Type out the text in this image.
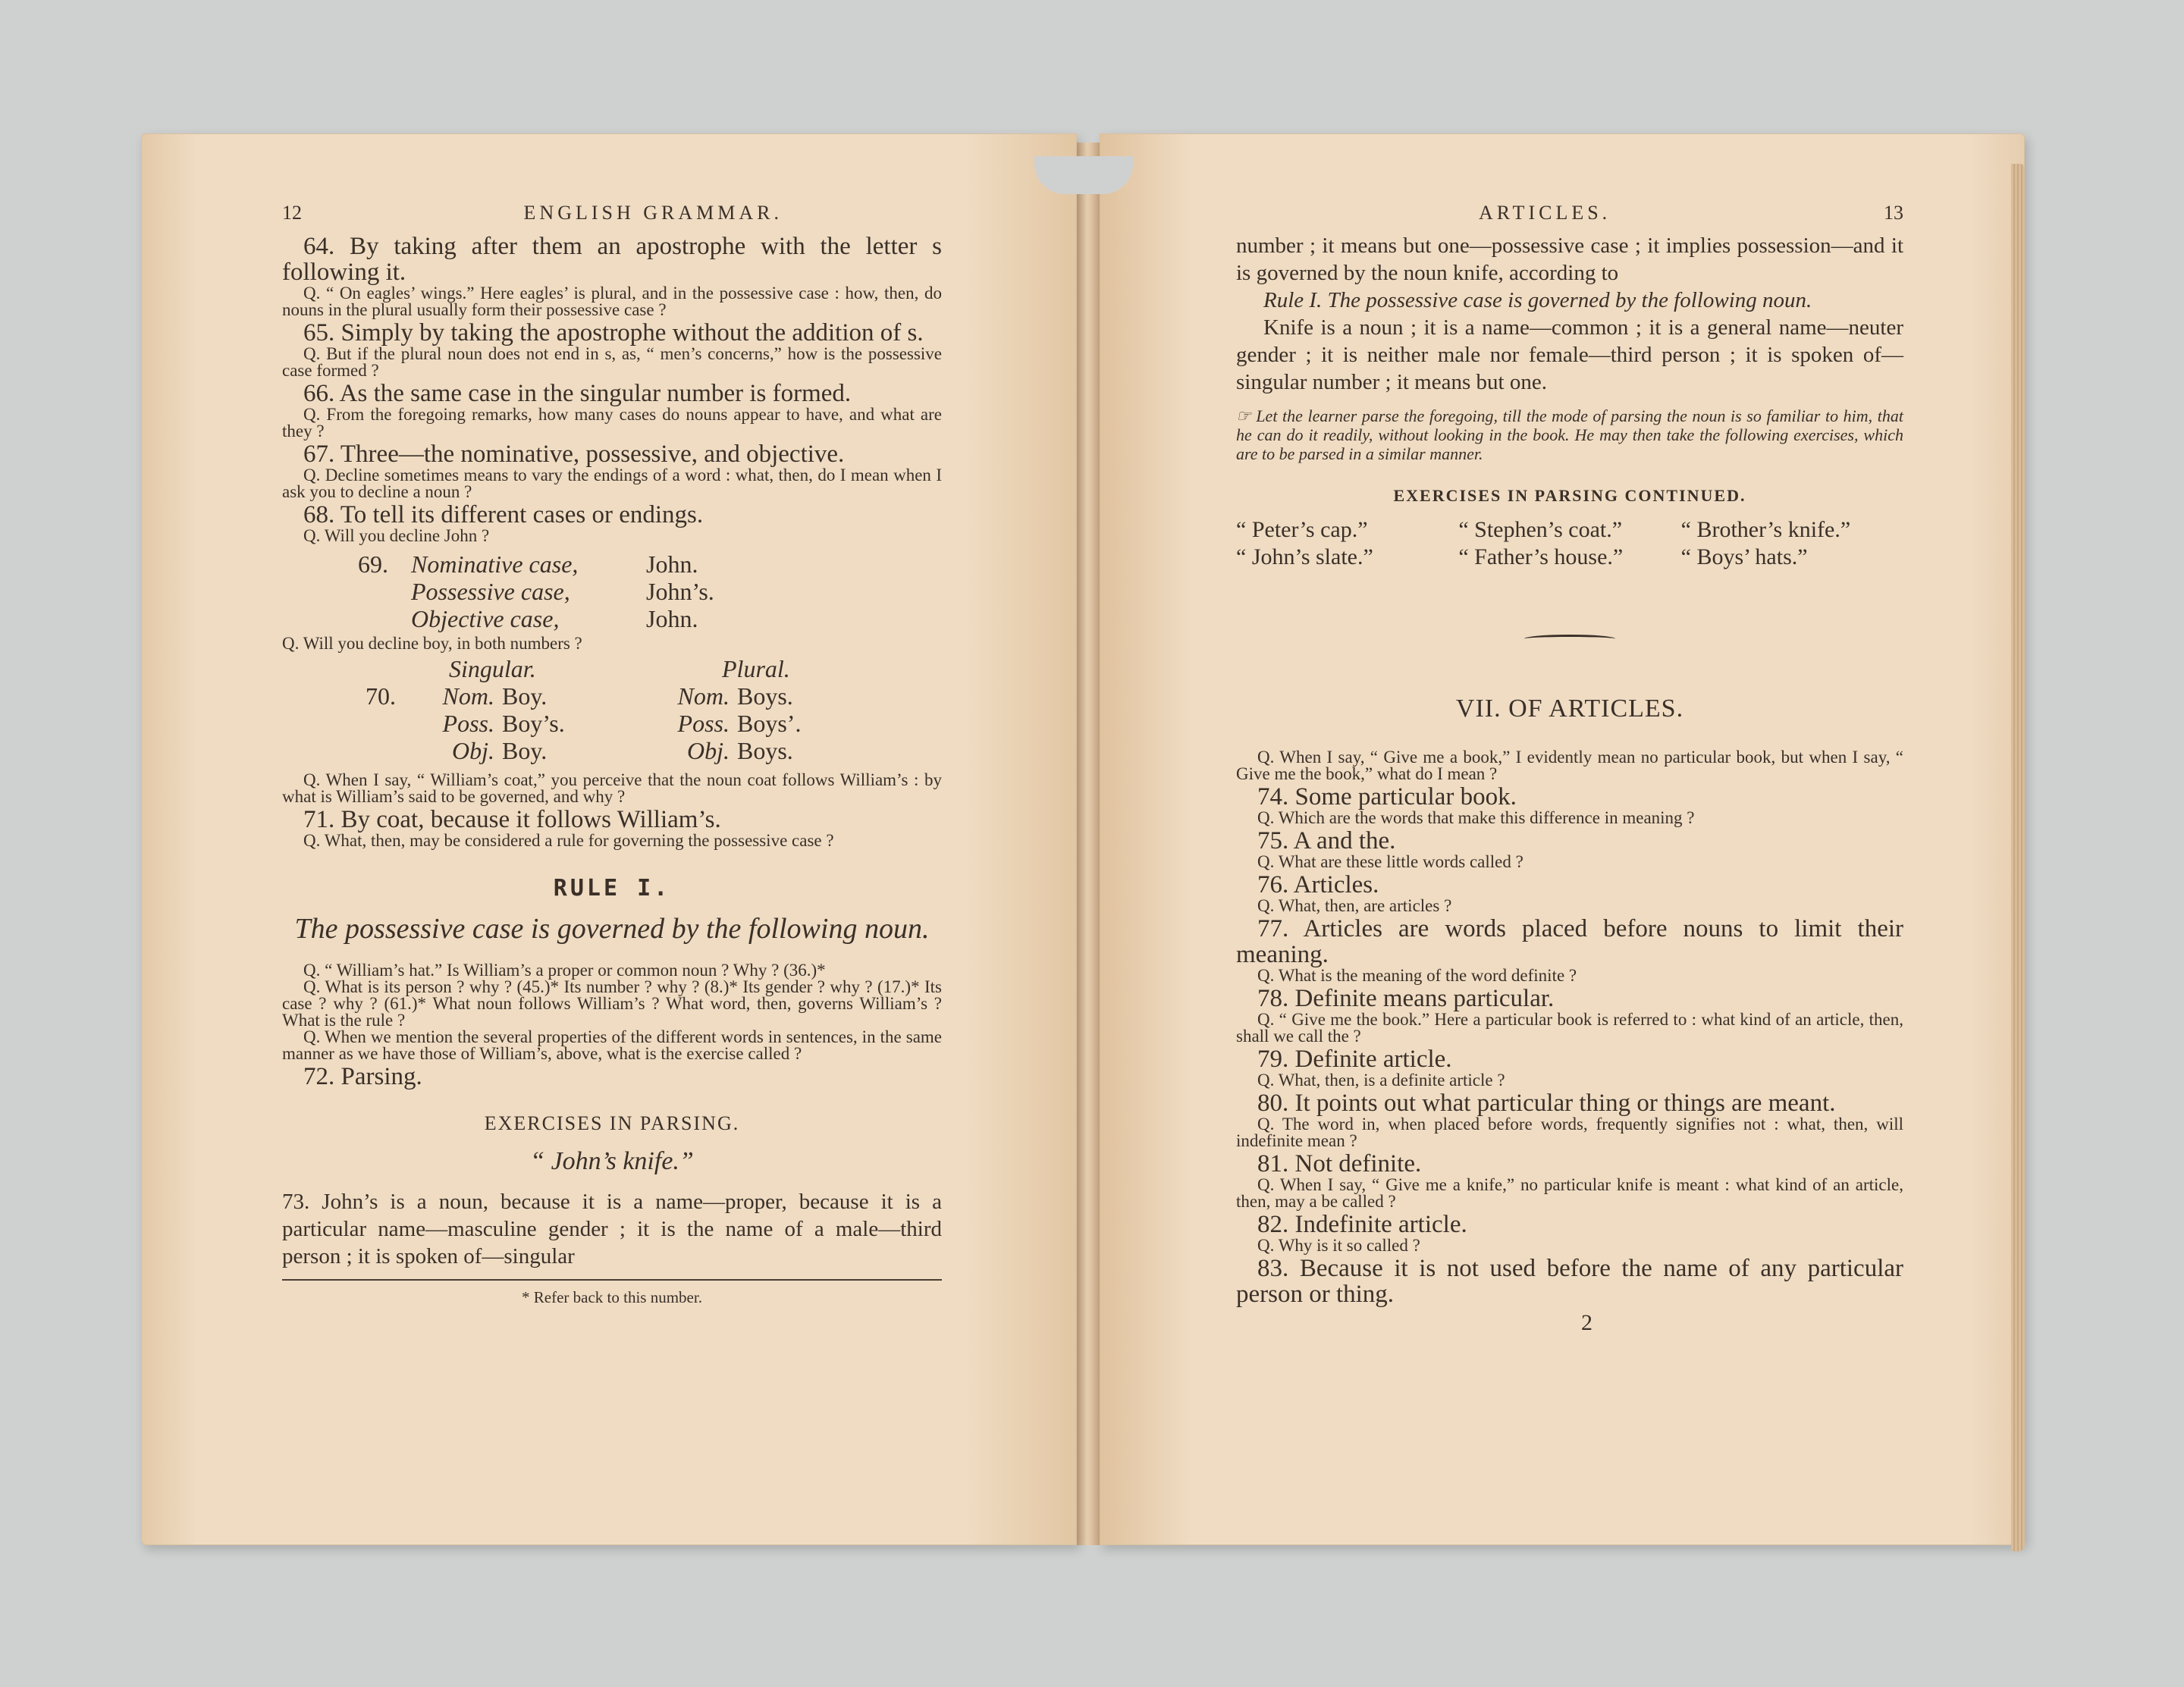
12	ENGLISH GRAMMAR.

64. By taking after them an apostrophe with the letter s following it.

Q. “ On eagles’ wings.” Here eagles’ is plural, and in the possessive case : how, then, do nouns in the plural usually form their possessive case ?

65. Simply by taking the apostrophe without the addition of s.

Q. But if the plural noun does not end in s, as, “ men’s concerns,” how is the possessive case formed ?

66. As the same case in the singular number is formed.

Q. From the foregoing remarks, how many cases do nouns appear to have, and what are they ?

67. Three—the nominative, possessive, and objective.

Q. Decline sometimes means to vary the endings of a word : what, then, do I mean when I ask you to decline a noun ?

68. To tell its different cases or endings.

Q. Will you decline John ?

69. Nominative case,	John.
Possessive case,	John’s.
Objective case,	John.

Q. Will you decline boy, in both numbers ?

Singular.	Plural.
70.	Nom. Boy.	Nom. Boys.
Poss. Boy’s.	Poss. Boys’.
Obj. Boy.	Obj. Boys.

Q. When I say, “ William’s coat,” you perceive that the noun coat follows William’s : by what is William’s said to be governed, and why ?

71. By coat, because it follows William’s.

Q. What, then, may be considered a rule for governing the possessive case ?

RULE I.
The possessive case is governed by the following noun.

Q. “ William’s hat.” Is William’s a proper or common noun ? Why ? (36.)*

Q. What is its person ? why ? (45.)* Its number ? why ? (8.)* Its gender ? why ? (17.)* Its case ? why ? (61.)* What noun follows William’s ? What word, then, governs William’s ? What is the rule ?

Q. When we mention the several properties of the different words in sentences, in the same manner as we have those of William’s, above, what is the exercise called ?

72. Parsing.

EXERCISES IN PARSING.
“ John’s knife.”

73. John’s is a noun, because it is a name—proper, because it is a particular name—masculine gender ; it is the name of a male—third person ; it is spoken of—singular

* Refer back to this number.
ARTICLES.	13

number ; it means but one—possessive case ; it implies possession—and it is governed by the noun knife, according to

Rule I. The possessive case is governed by the following noun.

Knife is a noun ; it is a name—common ; it is a general name—neuter gender ; it is neither male nor female—third person ; it is spoken of—singular number ; it means but one.

☞ Let the learner parse the foregoing, till the mode of parsing the noun is so familiar to him, that he can do it readily, without looking in the book. He may then take the following exercises, which are to be parsed in a similar manner.

EXERCISES IN PARSING CONTINUED.
“ Peter’s cap.”	“ Stephen’s coat.”	“ Brother’s knife.”
“ John’s slate.”	“ Father’s house.”	“ Boys’ hats.”
VII. OF ARTICLES.

Q. When I say, “ Give me a book,” I evidently mean no particular book, but when I say, “ Give me the book,” what do I mean ?

74. Some particular book.

Q. Which are the words that make this difference in meaning ?

75. A and the.

Q. What are these little words called ?

76. Articles.

Q. What, then, are articles ?

77. Articles are words placed before nouns to limit their meaning.

Q. What is the meaning of the word definite ?

78. Definite means particular.

Q. “ Give me the book.” Here a particular book is referred to : what kind of an article, then, shall we call the ?

79. Definite article.

Q. What, then, is a definite article ?

80. It points out what particular thing or things are meant.

Q. The word in, when placed before words, frequently signifies not : what, then, will indefinite mean ?

81. Not definite.

Q. When I say, “ Give me a knife,” no particular knife is meant : what kind of an article, then, may a be called ?

82. Indefinite article.

Q. Why is it so called ?

83. Because it is not used before the name of any particular person or thing.

2
